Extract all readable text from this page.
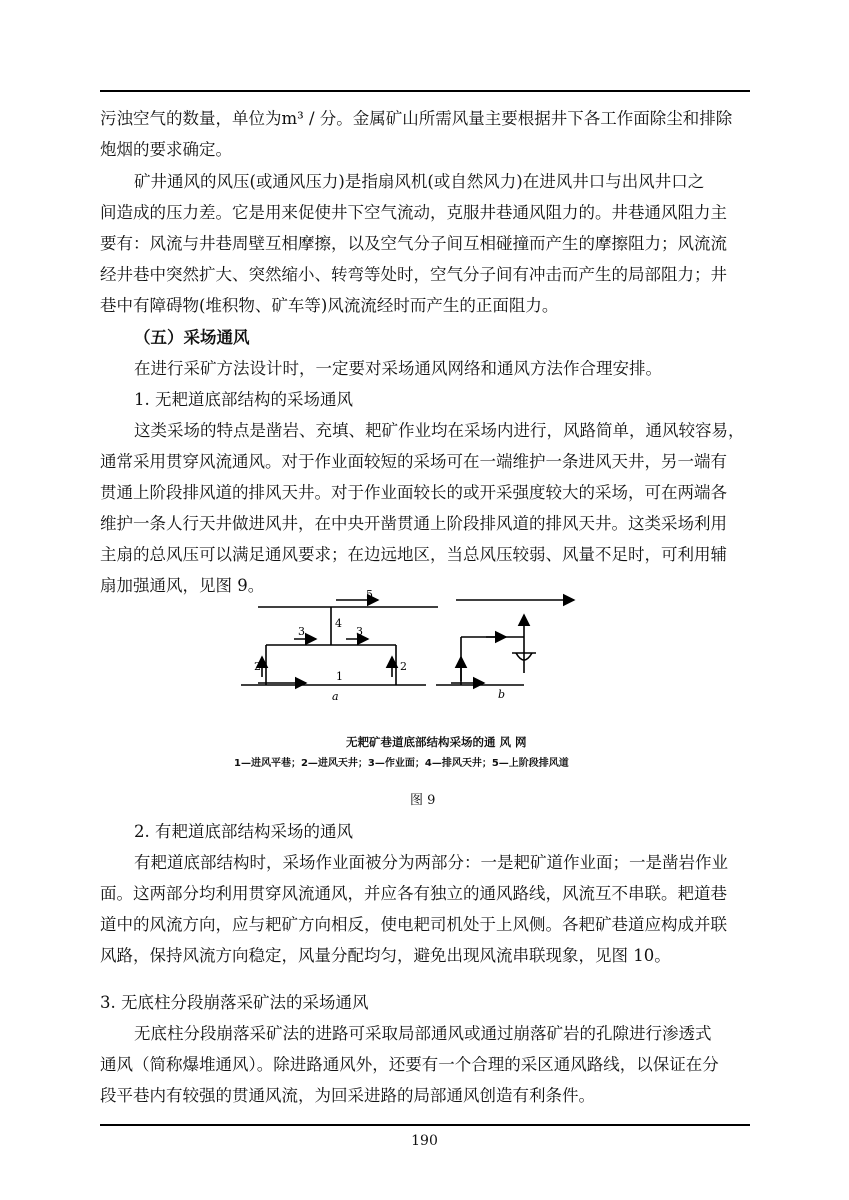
污浊空气的数量，单位为m³ / 分。金属矿山所需风量主要根据井下各工作面除尘和排除
炮烟的要求确定。
矿井通风的风压(或通风压力)是指扇风机(或自然风力)在进风井口与出风井口之
间造成的压力差。它是用来促使井下空气流动，克服井巷通风阻力的。井巷通风阻力主
要有：风流与井巷周壁互相摩擦，以及空气分子间互相碰撞而产生的摩擦阻力；风流流
经井巷中突然扩大、突然缩小、转弯等处时，空气分子间有冲击而产生的局部阻力；井
巷中有障碍物(堆积物、矿车等)风流流经时而产生的正面阻力。
（五）采场通风
在进行采矿方法设计时，一定要对采场通风网络和通风方法作合理安排。
1. 无耙道底部结构的采场通风
这类采场的特点是凿岩、充填、耙矿作业均在采场内进行，风路简单，通风较容易，
通常采用贯穿风流通风。对于作业面较短的采场可在一端维护一条进风天井，另一端有
贯通上阶段排风道的排风天井。对于作业面较长的或开采强度较大的采场，可在两端各
维护一条人行天井做进风井，在中央开凿贯通上阶段排风道的排风天井。这类采场利用
主扇的总风压可以满足通风要求；在边远地区，当总风压较弱、风量不足时，可利用辅
扇加强通风，见图 9。	5
4
3	3
2	2
1
a	b
无耙矿巷道底部结构采场的通 风 网
1—进风平巷；2—进风天井；3—作业面；4—排风天井；5—上阶段排风道
图 9
2. 有耙道底部结构采场的通风
有耙道底部结构时，采场作业面被分为两部分：一是耙矿道作业面；一是凿岩作业
面。这两部分均利用贯穿风流通风，并应各有独立的通风路线，风流互不串联。耙道巷
道中的风流方向，应与耙矿方向相反，使电耙司机处于上风侧。各耙矿巷道应构成并联
风路，保持风流方向稳定，风量分配均匀，避免出现风流串联现象，见图 10。
3. 无底柱分段崩落采矿法的采场通风
无底柱分段崩落采矿法的进路可采取局部通风或通过崩落矿岩的孔隙进行渗透式
通风（简称爆堆通风）。除进路通风外，还要有一个合理的采区通风路线，以保证在分
段平巷内有较强的贯通风流，为回采进路的局部通风创造有利条件。
190
